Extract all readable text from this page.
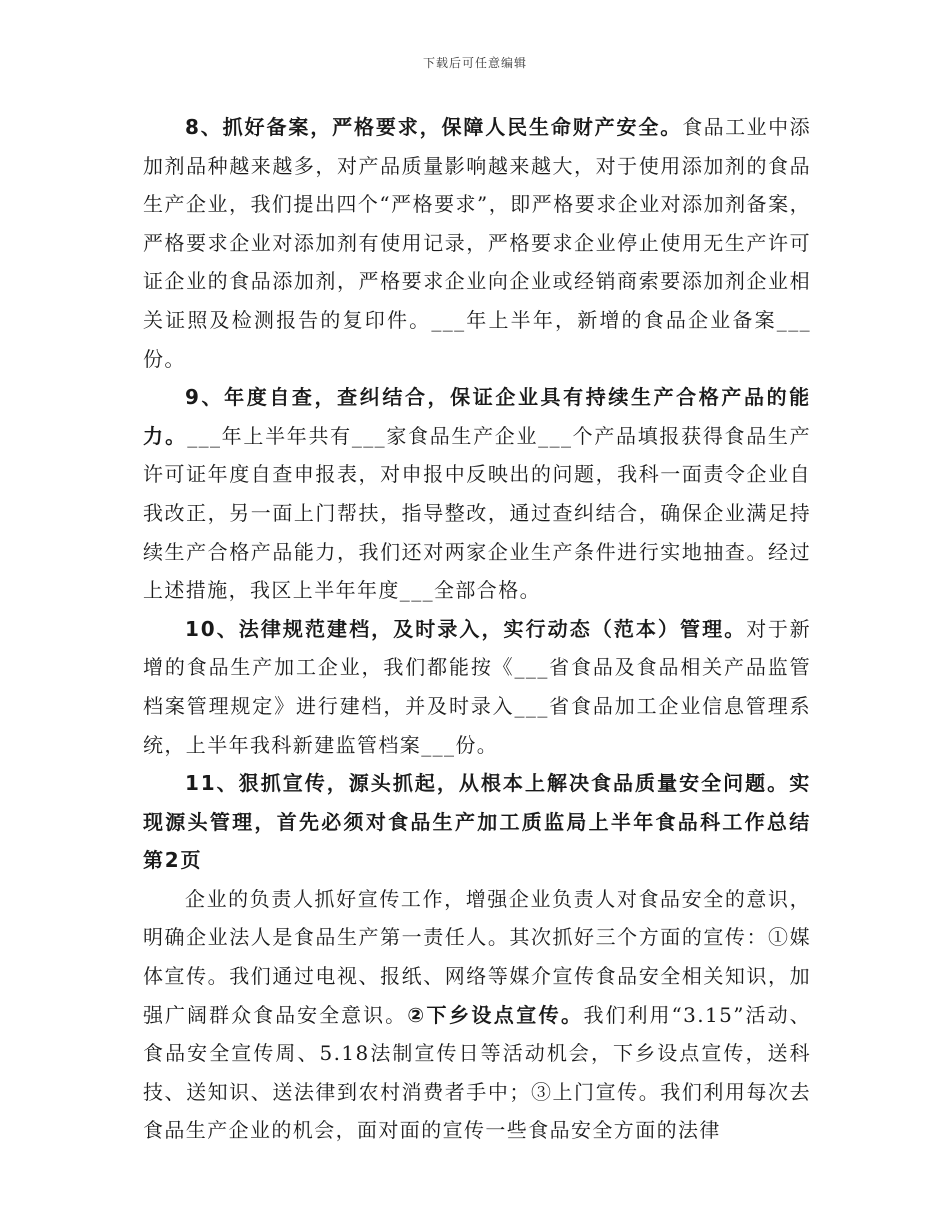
下载后可任意编辑

8、抓好备案，严格要求，保障人民生命财产安全。食品工业中添加剂品种越来越多，对产品质量影响越来越大，对于使用添加剂的食品生产企业，我们提出四个“严格要求”，即严格要求企业对添加剂备案，严格要求企业对添加剂有使用记录，严格要求企业停止使用无生产许可证企业的食品添加剂，严格要求企业向企业或经销商索要添加剂企业相关证照及检测报告的复印件。___年上半年，新增的食品企业备案___份。

9、年度自查，查纠结合，保证企业具有持续生产合格产品的能力。___年上半年共有___家食品生产企业___个产品填报获得食品生产许可证年度自查申报表，对申报中反映出的问题，我科一面责令企业自我改正，另一面上门帮扶，指导整改，通过查纠结合，确保企业满足持续生产合格产品能力，我们还对两家企业生产条件进行实地抽查。经过上述措施，我区上半年年度___全部合格。

10、法律规范建档，及时录入，实行动态（范本）管理。对于新增的食品生产加工企业，我们都能按《___省食品及食品相关产品监管档案管理规定》进行建档，并及时录入___省食品加工企业信息管理系统，上半年我科新建监管档案___份。

11、狠抓宣传，源头抓起，从根本上解决食品质量安全问题。实现源头管理，首先必须对食品生产加工质监局上半年食品科工作总结第2页

企业的负责人抓好宣传工作，增强企业负责人对食品安全的意识，明确企业法人是食品生产第一责任人。其次抓好三个方面的宣传：①媒体宣传。我们通过电视、报纸、网络等媒介宣传食品安全相关知识，加强广阔群众食品安全意识。②下乡设点宣传。我们利用“3.15”活动、食品安全宣传周、5.18法制宣传日等活动机会，下乡设点宣传，送科技、送知识、送法律到农村消费者手中；③上门宣传。我们利用每次去食品生产企业的机会，面对面的宣传一些食品安全方面的法律
